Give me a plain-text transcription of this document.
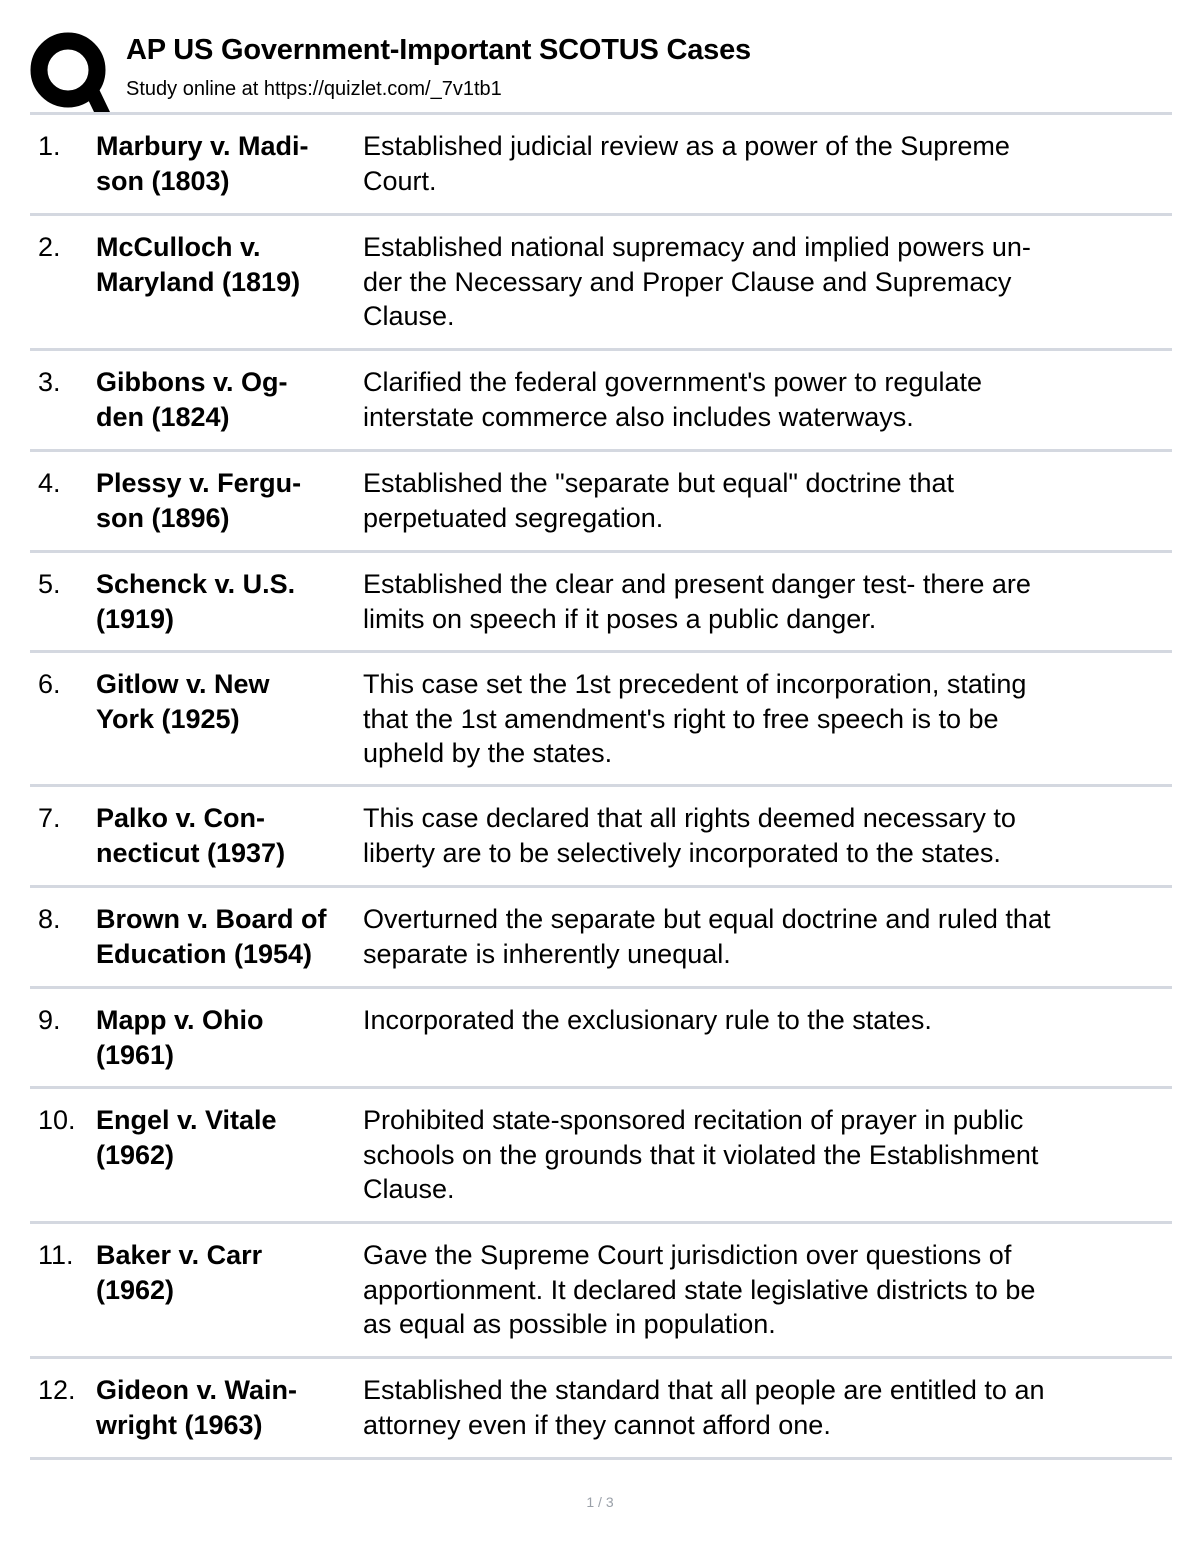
AP US Government-Important SCOTUS Cases
Study online at https://quizlet.com/_7v1tb1
1. Marbury v. Madi-
son (1803)
Established judicial review as a power of the Supreme
Court.
2. McCulloch v.
Maryland (1819)
Established national supremacy and implied powers un-
der the Necessary and Proper Clause and Supremacy
Clause.
3. Gibbons v. Og-
den (1824)
Clarified the federal government's power to regulate
interstate commerce also includes waterways.
4. Plessy v. Fergu-
son (1896)
Established the "separate but equal" doctrine that
perpetuated segregation.
5. Schenck v. U.S.
(1919)
Established the clear and present danger test- there are
limits on speech if it poses a public danger.
6. Gitlow v. New
York (1925)
This case set the 1st precedent of incorporation, stating
that the 1st amendment's right to free speech is to be
upheld by the states.
7. Palko v. Con-
necticut (1937)
This case declared that all rights deemed necessary to
liberty are to be selectively incorporated to the states.
8. Brown v. Board of
Education (1954)
Overturned the separate but equal doctrine and ruled that
separate is inherently unequal.
9. Mapp v. Ohio
(1961)
Incorporated the exclusionary rule to the states.
10. Engel v. Vitale
(1962)
Prohibited state-sponsored recitation of prayer in public
schools on the grounds that it violated the Establishment
Clause.
11. Baker v. Carr
(1962)
Gave the Supreme Court jurisdiction over questions of
apportionment. It declared state legislative districts to be
as equal as possible in population.
12. Gideon v. Wain-
wright (1963)
Established the standard that all people are entitled to an
attorney even if they cannot afford one.
1 / 3
